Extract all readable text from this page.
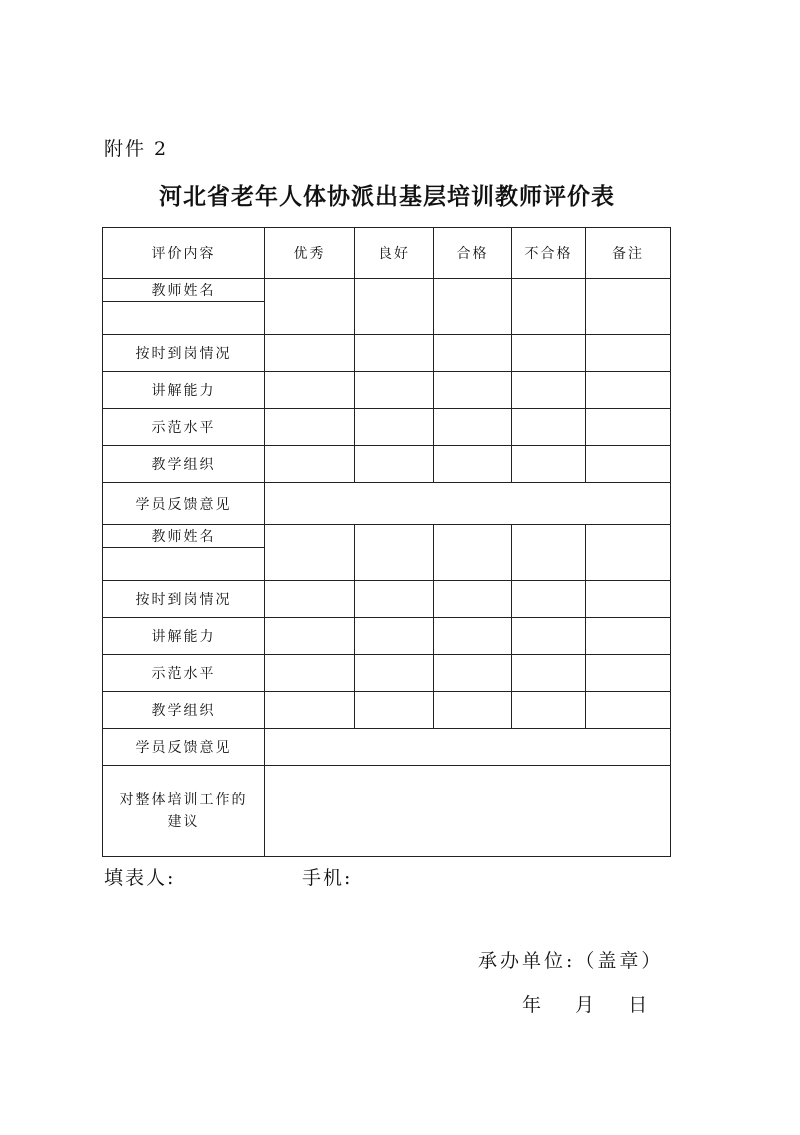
附件 2
河北省老年人体协派出基层培训教师评价表
评价内容	优秀	良好	合格	不合格	备注
教师姓名					

按时到岗情况					
讲解能力					
示范水平					
教学组织					
学员反馈意见					
教师姓名					

按时到岗情况					
讲解能力					
示范水平					
教学组织					
学员反馈意见					
对整体培训工作的建议					
填表人:	手机:
承办单位:（盖章）
年 月 日
